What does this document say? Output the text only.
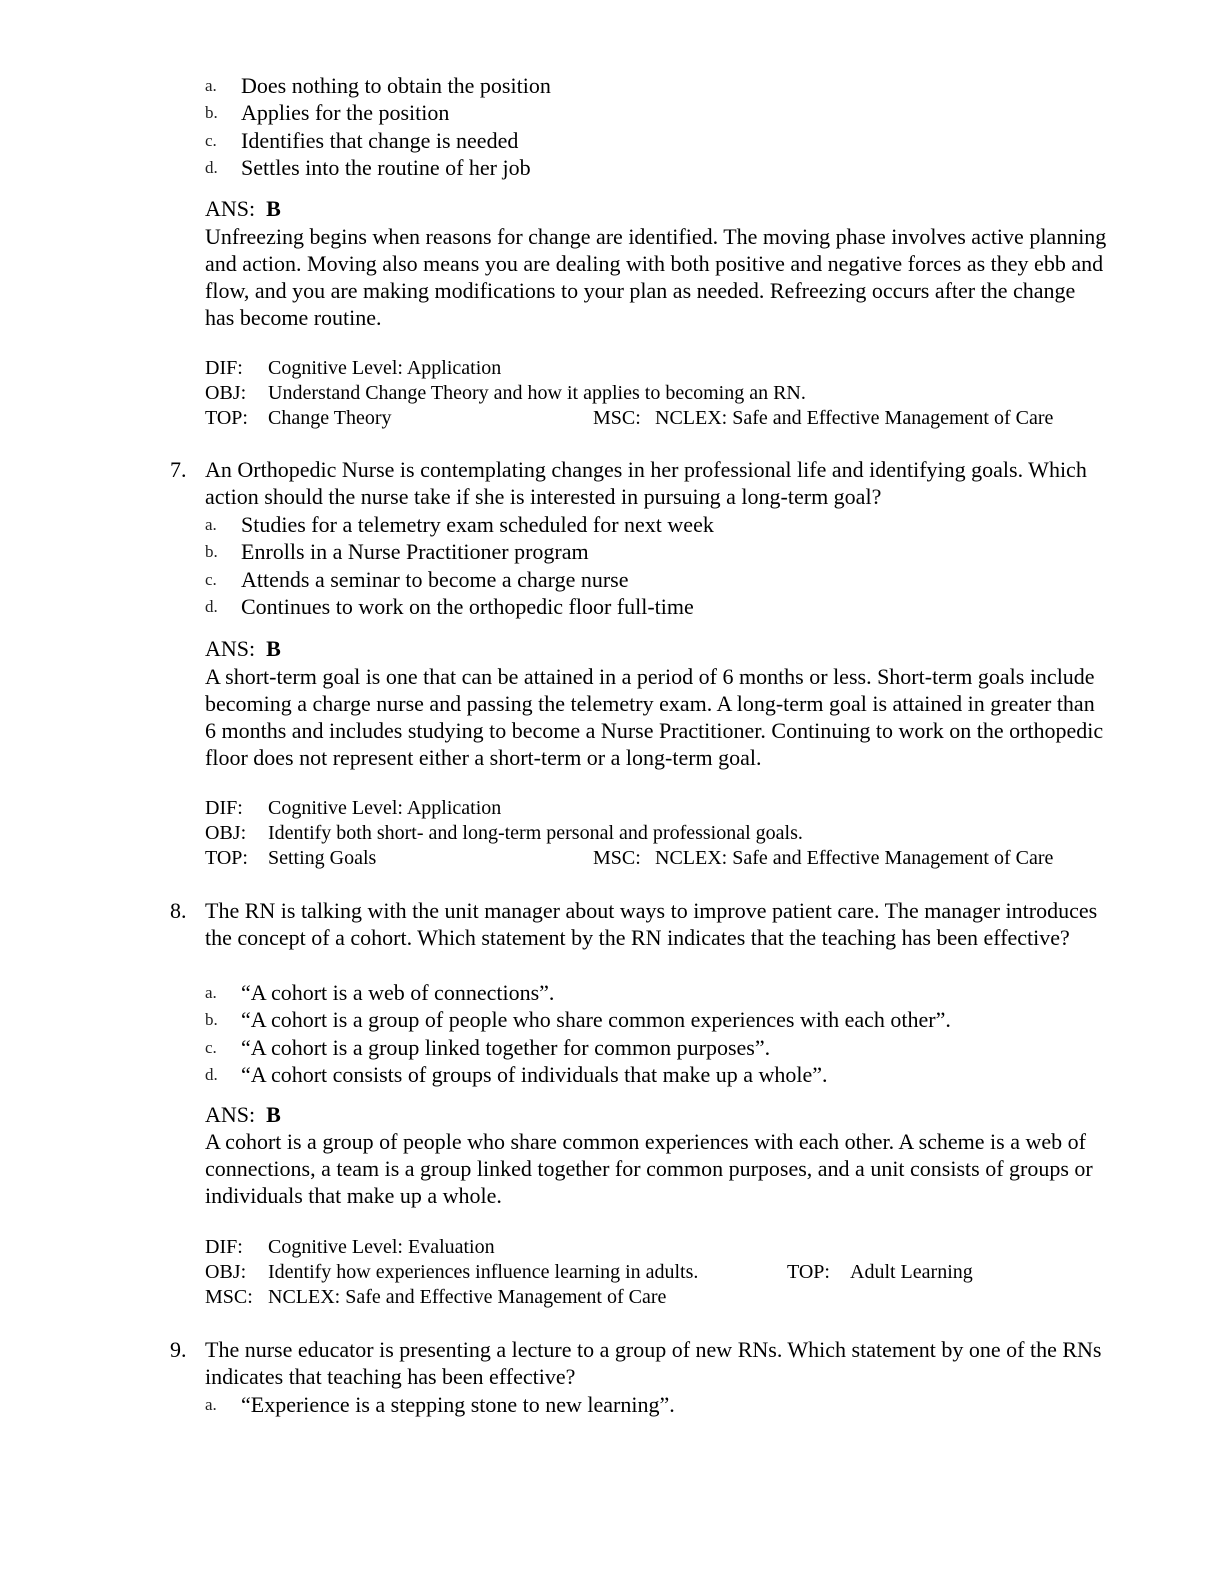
a. Does nothing to obtain the position
b. Applies for the position
c. Identifies that change is needed
d. Settles into the routine of her job
ANS: B
Unfreezing begins when reasons for change are identified. The moving phase involves active planning and action. Moving also means you are dealing with both positive and negative forces as they ebb and flow, and you are making modifications to your plan as needed. Refreezing occurs after the change has become routine.
DIF: Cognitive Level: Application
OBJ: Understand Change Theory and how it applies to becoming an RN.
TOP: Change Theory	MSC: NCLEX: Safe and Effective Management of Care
7. An Orthopedic Nurse is contemplating changes in her professional life and identifying goals. Which action should the nurse take if she is interested in pursuing a long-term goal?
a. Studies for a telemetry exam scheduled for next week
b. Enrolls in a Nurse Practitioner program
c. Attends a seminar to become a charge nurse
d. Continues to work on the orthopedic floor full-time
ANS: B
A short-term goal is one that can be attained in a period of 6 months or less. Short-term goals include becoming a charge nurse and passing the telemetry exam. A long-term goal is attained in greater than 6 months and includes studying to become a Nurse Practitioner. Continuing to work on the orthopedic floor does not represent either a short-term or a long-term goal.
DIF: Cognitive Level: Application
OBJ: Identify both short- and long-term personal and professional goals.
TOP: Setting Goals	MSC: NCLEX: Safe and Effective Management of Care
8. The RN is talking with the unit manager about ways to improve patient care. The manager introduces the concept of a cohort. Which statement by the RN indicates that the teaching has been effective?
a. “A cohort is a web of connections”.
b. “A cohort is a group of people who share common experiences with each other”.
c. “A cohort is a group linked together for common purposes”.
d. “A cohort consists of groups of individuals that make up a whole”.
ANS: B
A cohort is a group of people who share common experiences with each other. A scheme is a web of connections, a team is a group linked together for common purposes, and a unit consists of groups or individuals that make up a whole.
DIF: Cognitive Level: Evaluation
OBJ: Identify how experiences influence learning in adults.	TOP: Adult Learning
MSC: NCLEX: Safe and Effective Management of Care
9. The nurse educator is presenting a lecture to a group of new RNs. Which statement by one of the RNs indicates that teaching has been effective?
a. “Experience is a stepping stone to new learning”.
